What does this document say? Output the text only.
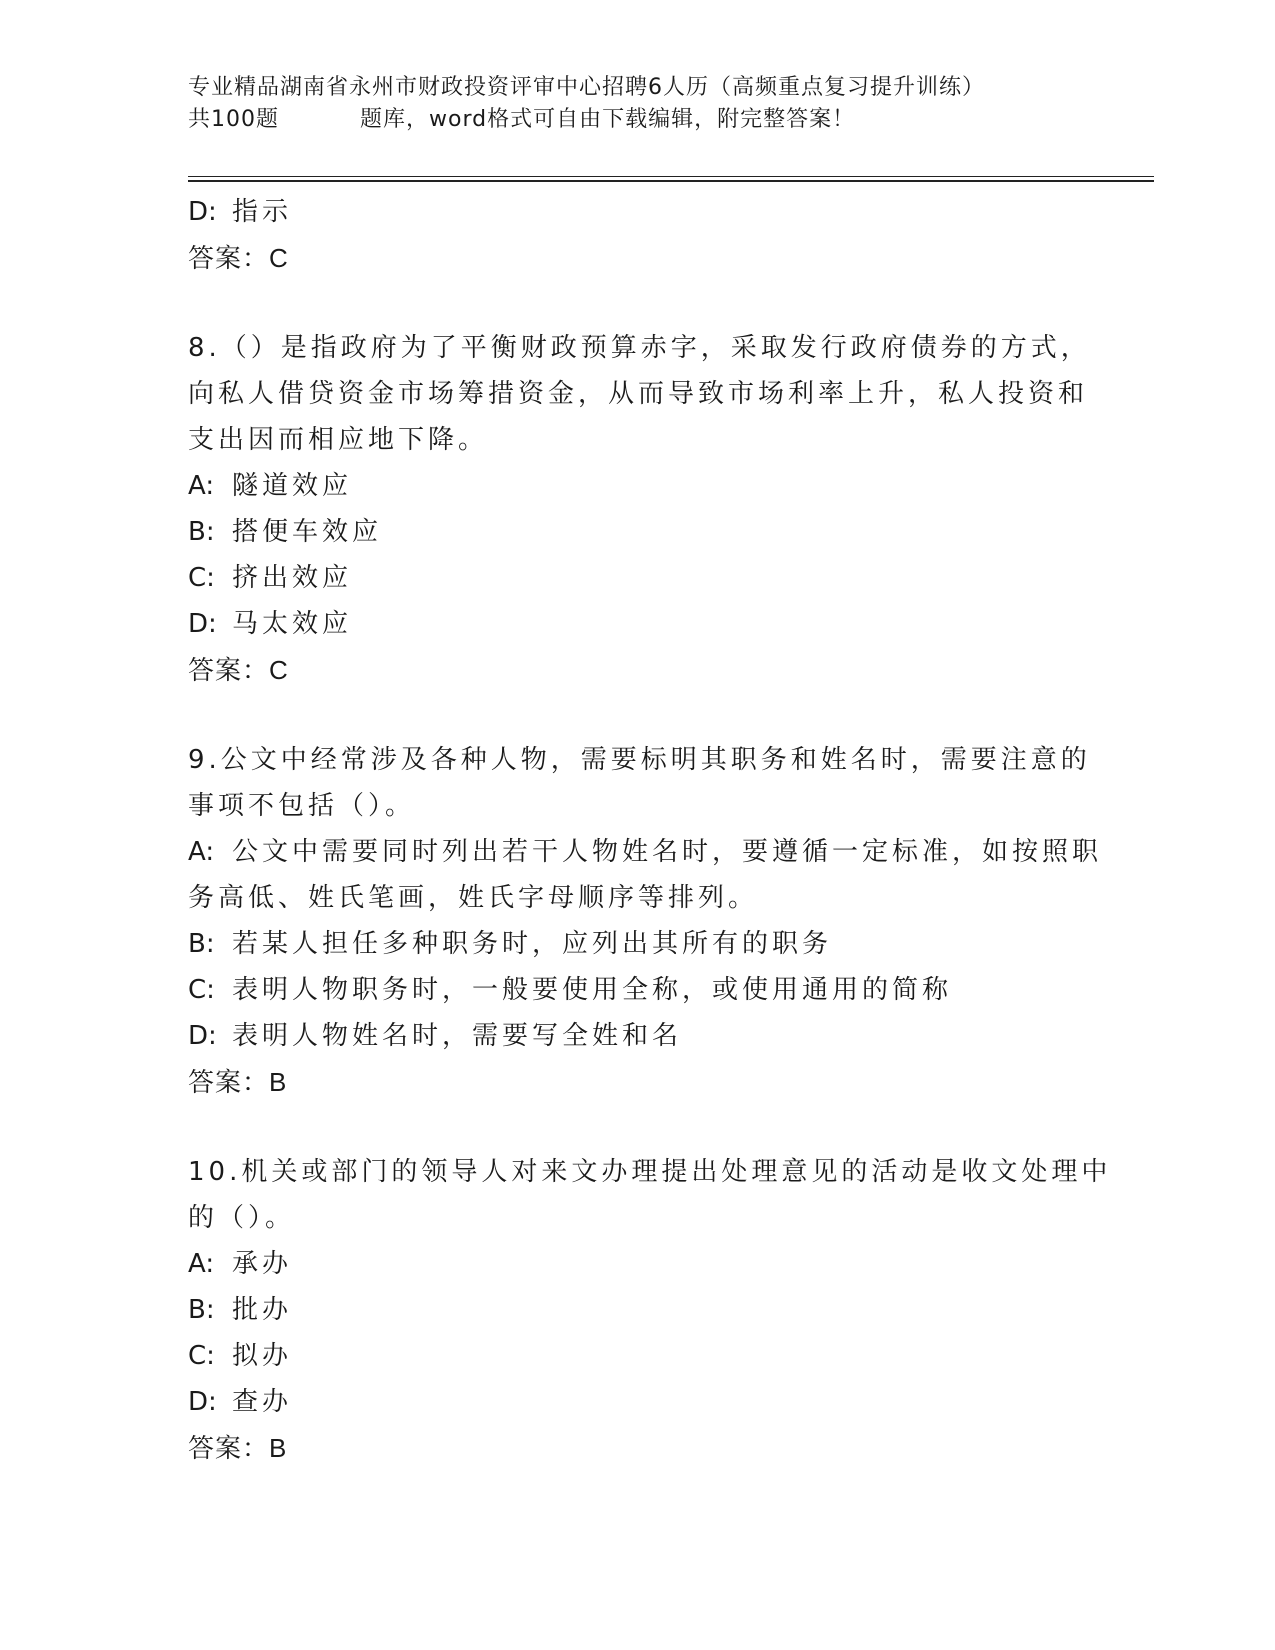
专业精品湖南省永州市财政投资评审中心招聘6人历（高频重点复习提升训练）
共100题	题库，word格式可自由下载编辑，附完整答案！
D: 指示
答案：C
8.（）是指政府为了平衡财政预算赤字，采取发行政府债券的方式，
向私人借贷资金市场筹措资金，从而导致市场利率上升，私人投资和
支出因而相应地下降。
A: 隧道效应
B: 搭便车效应
C: 挤出效应
D: 马太效应
答案：C
9.公文中经常涉及各种人物，需要标明其职务和姓名时，需要注意的
事项不包括（）。
A: 公文中需要同时列出若干人物姓名时，要遵循一定标准，如按照职
务高低、姓氏笔画，姓氏字母顺序等排列。
B: 若某人担任多种职务时，应列出其所有的职务
C: 表明人物职务时，一般要使用全称，或使用通用的简称
D: 表明人物姓名时，需要写全姓和名
答案：B
10.机关或部门的领导人对来文办理提出处理意见的活动是收文处理中
的（）。
A: 承办
B: 批办
C: 拟办
D: 查办
答案：B
